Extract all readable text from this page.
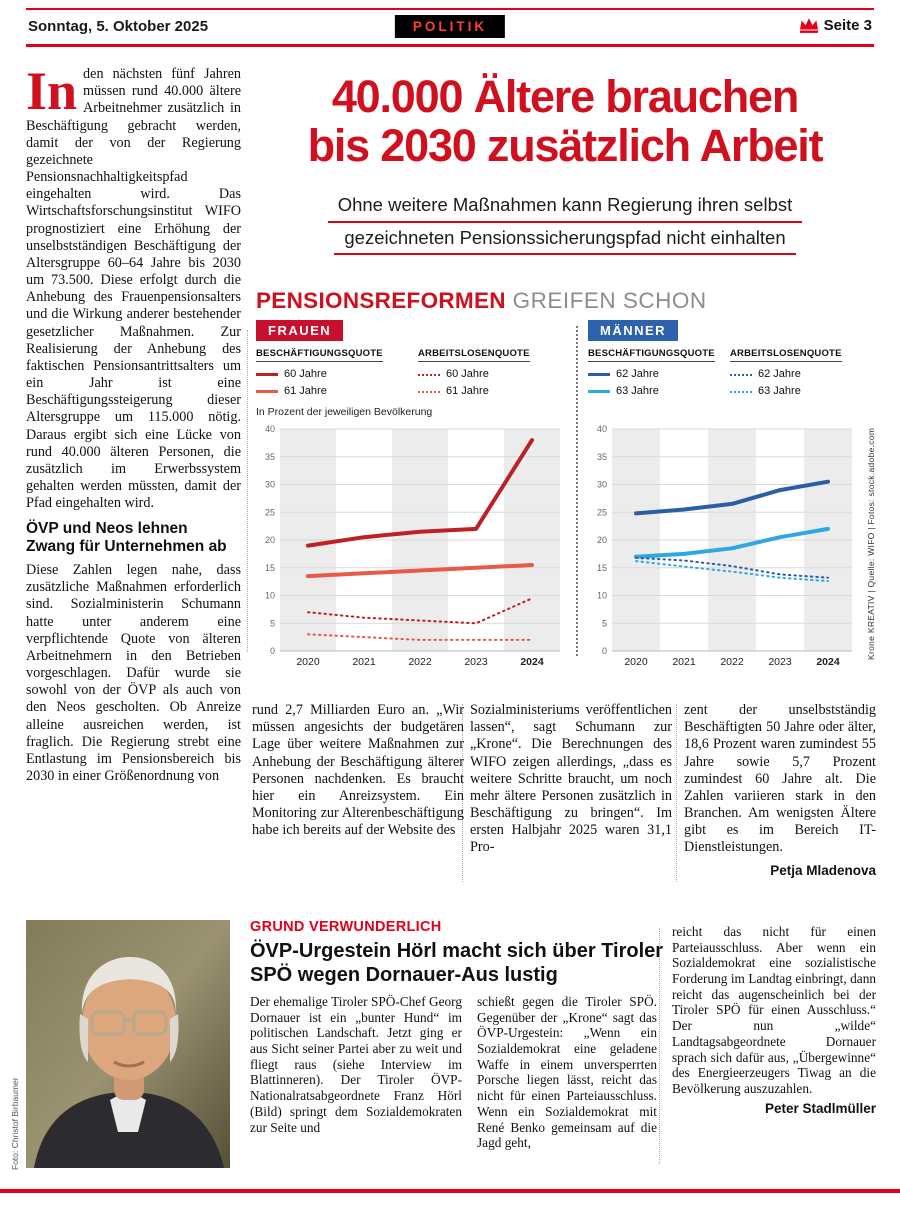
Sonntag, 5. Oktober 2025	POLITIK	Seite 3

In den nächsten fünf Jahren müssen rund 40.000 ältere Arbeitnehmer zusätzlich in Beschäftigung gebracht werden, damit der von der Regierung gezeichnete Pensionsnachhaltigkeitspfad eingehalten wird. Das Wirtschaftsforschungsinstitut WIFO prognostiziert eine Erhöhung der unselbstständigen Beschäftigung der Altersgruppe 60–64 Jahre bis 2030 um 73.500. Diese erfolgt durch die Anhebung des Frauenpensionsalters und die Wirkung anderer bestehender gesetzlicher Maßnahmen. Zur Realisierung der Anhebung des faktischen Pensionsantrittsalters um ein Jahr ist eine Beschäftigungssteigerung dieser Altersgruppe um 115.000 nötig. Daraus ergibt sich eine Lücke von rund 40.000 älteren Personen, die zusätzlich im Erwerbssystem gehalten werden müssten, damit der Pfad eingehalten wird.

ÖVP und Neos lehnen Zwang für Unternehmen ab

Diese Zahlen legen nahe, dass zusätzliche Maßnahmen erforderlich sind. Sozialministerin Schumann hatte unter anderem eine verpflichtende Quote von älteren Arbeitnehmern in den Betrieben vorgeschlagen. Dafür wurde sie sowohl von der ÖVP als auch von den Neos gescholten. Ob Anreize alleine ausreichen werden, ist fraglich. Die Regierung strebt eine Entlastung im Pensionsbereich bis 2030 in einer Größenordnung von

40.000 Ältere brauchen
bis 2030 zusätzlich Arbeit
Ohne weitere Maßnahmen kann Regierung ihren selbst
gezeichneten Pensionssicherungspfad nicht einhalten
PENSIONSREFORMEN GREIFEN SCHON
FRAUEN
BESCHÄFTIGUNGSQUOTE
60 Jahre
61 Jahre
ARBEITSLOSENQUOTE
60 Jahre
61 Jahre
In Prozent der jeweiligen Bevölkerung
0
5
10
15
20
25
30
35
40
2020	2021	2022	2023	2024
MÄNNER
BESCHÄFTIGUNGSQUOTE
62 Jahre
63 Jahre
ARBEITSLOSENQUOTE
62 Jahre
63 Jahre
0
5
10
15
20
25
30
35
40
2020 2021 2022 2023 2024
Krone KREATIV | Quelle: WIFO | Fotos: stock.adobe.com

rund 2,7 Milliarden Euro an. „Wir müssen angesichts der budgetären Lage über weitere Maßnahmen zur Anhebung der Beschäftigung älterer Personen nachdenken. Es braucht hier ein Anreizsystem. Ein Monitoring zur Alterenbeschäftigung habe ich bereits auf der Website des

Sozialministeriums veröffentlichen lassen“, sagt Schumann zur „Krone“. Die Berechnungen des WIFO zeigen allerdings, „dass es weitere Schritte braucht, um noch mehr ältere Personen zusätzlich in Beschäftigung zu bringen“. Im ersten Halbjahr 2025 waren 31,1 Pro-

zent der unselbstständig Beschäftigten 50 Jahre oder älter, 18,6 Prozent waren zumindest 55 Jahre sowie 5,7 Prozent zumindest 60 Jahre alt. Die Zahlen variieren stark in den Branchen. Am wenigsten Ältere gibt es im Bereich IT-Dienstleistungen.

Petja Mladenova
Foto: Christof Birbaumer
GRUND VERWUNDERLICH
ÖVP-Urgestein Hörl macht sich über Tiroler SPÖ wegen Dornauer-Aus lustig
Der ehemalige Tiroler SPÖ-Chef Georg Dornauer ist ein „bunter Hund“ im politischen Landschaft. Jetzt ging er aus Sicht seiner Partei aber zu weit und fliegt raus (siehe Interview im Blattinneren). Der Tiroler ÖVP-Nationalratsabgeordnete Franz Hörl (Bild) springt dem Sozialdemokraten zur Seite und
schießt gegen die Tiroler SPÖ. Gegenüber der „Krone“ sagt das ÖVP-Urgestein: „Wenn ein Sozialdemokrat eine geladene Waffe in einem unversperrten Porsche liegen lässt, reicht das nicht für einen Parteiausschluss. Wenn ein Sozialdemokrat mit René Benko gemeinsam auf die Jagd geht,
reicht das nicht für einen Parteiausschluss. Aber wenn ein Sozialdemokrat eine sozialistische Forderung im Landtag einbringt, dann reicht das augenscheinlich bei der Tiroler SPÖ für einen Ausschluss.“ Der nun „wilde“ Landtagsabgeordnete Dornauer sprach sich dafür aus, „Übergewinne“ des Energieerzeugers Tiwag an die Bevölkerung auszuzahlen.
Peter Stadlmüller
